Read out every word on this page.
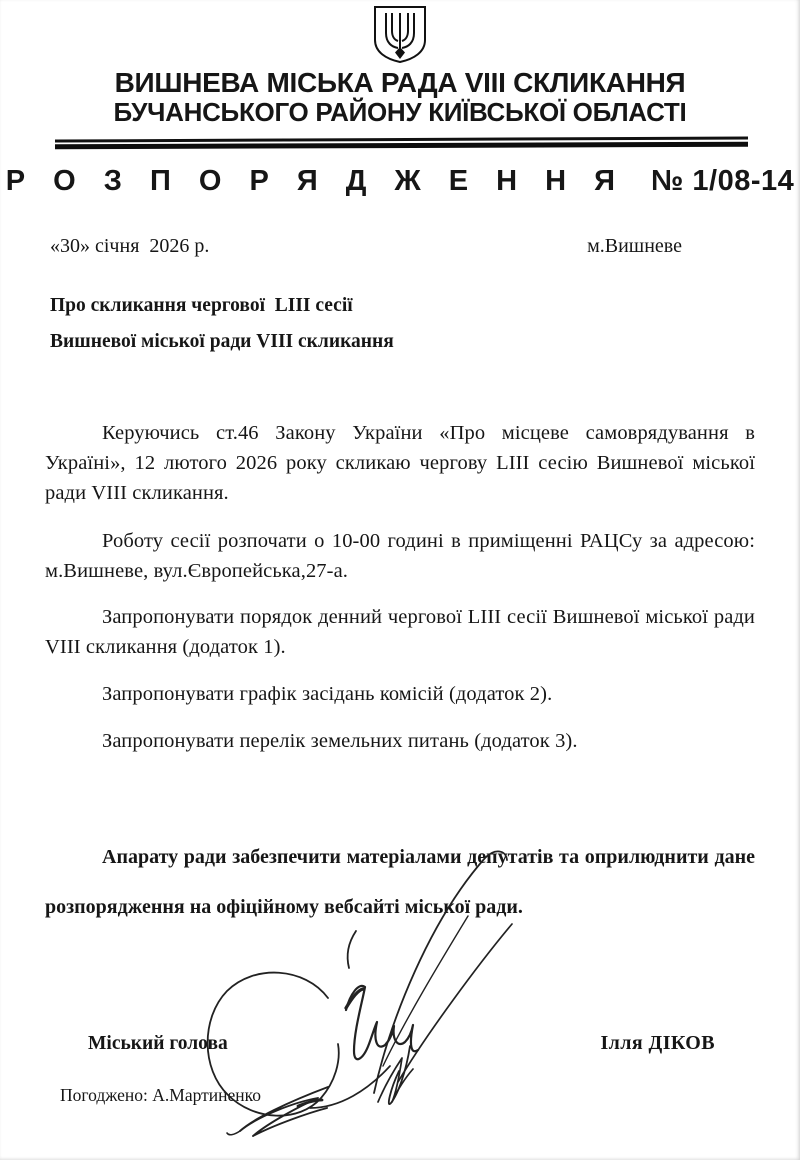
ВИШНЕВА МІСЬКА РАДА VIII СКЛИКАННЯ
БУЧАНСЬКОГО РАЙОНУ КИЇВСЬКОЇ ОБЛАСТІ
Р О З П О Р Я Д Ж Е Н Н Я № 1/08-14
«30» січня  2026 р.	м.Вишневе
Про скликання чергової  LIII сесії
Вишневої міської ради VIII скликання

Керуючись ст.46 Закону України «Про місцеве самоврядування в Україні», 12 лютого 2026 року скликаю чергову LIII сесію Вишневої міської ради VIII скликання.

Роботу сесії розпочати о 10-00 годині в приміщенні РАЦСу за адресою: м.Вишневе, вул.Європейська,27-а.

Запропонувати порядок денний чергової LIII сесії Вишневої міської ради VIII скликання (додаток 1).

Запропонувати графік засідань комісій (додаток 2).

Запропонувати перелік земельних питань (додаток 3).

Апарату ради забезпечити матеріалами депутатів та оприлюднити дане розпорядження на офіційному вебсайті міської ради.

Міський голова	Ілля ДІКОВ
Погоджено: А.Мартиненко
